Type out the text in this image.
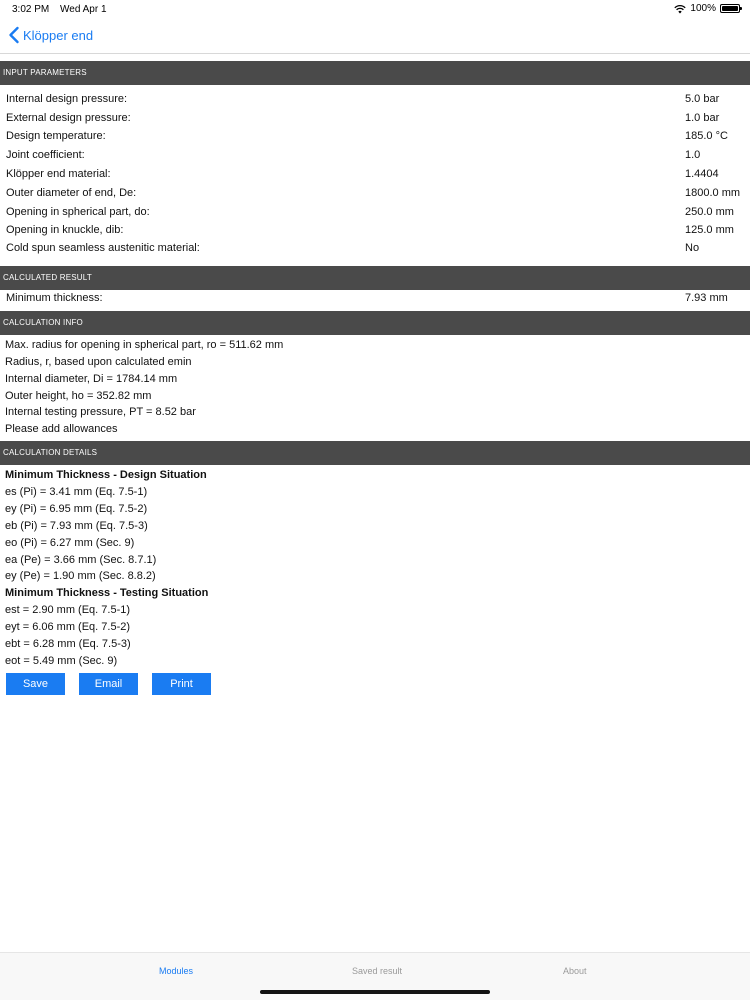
3:02 PM Wed Apr 1	100%
Klöpper end
INPUT PARAMETERS
Internal design pressure:	5.0 bar
External design pressure:	1.0 bar
Design temperature:	185.0 °C
Joint coefficient:	1.0
Klöpper end material:	1.4404
Outer diameter of end, De:	1800.0 mm
Opening in spherical part, do:	250.0 mm
Opening in knuckle, dib:	125.0 mm
Cold spun seamless austenitic material:	No
CALCULATED RESULT
Minimum thickness:	7.93 mm
CALCULATION INFO
Max. radius for opening in spherical part, ro = 511.62 mm
Radius, r, based upon calculated emin
Internal diameter, Di = 1784.14 mm
Outer height, ho = 352.82 mm
Internal testing pressure, PT = 8.52 bar
Please add allowances
CALCULATION DETAILS
Minimum Thickness - Design Situation
es (Pi) = 3.41 mm (Eq. 7.5-1)
ey (Pi) = 6.95 mm (Eq. 7.5-2)
eb (Pi) = 7.93 mm (Eq. 7.5-3)
eo (Pi) = 6.27 mm (Sec. 9)
ea (Pe) = 3.66 mm (Sec. 8.7.1)
ey (Pe) = 1.90 mm (Sec. 8.8.2)
Minimum Thickness - Testing Situation
est = 2.90 mm (Eq. 7.5-1)
eyt = 6.06 mm (Eq. 7.5-2)
ebt = 6.28 mm (Eq. 7.5-3)
eot = 5.49 mm (Sec. 9)
Save	Email	Print
Modules	Saved result	About
